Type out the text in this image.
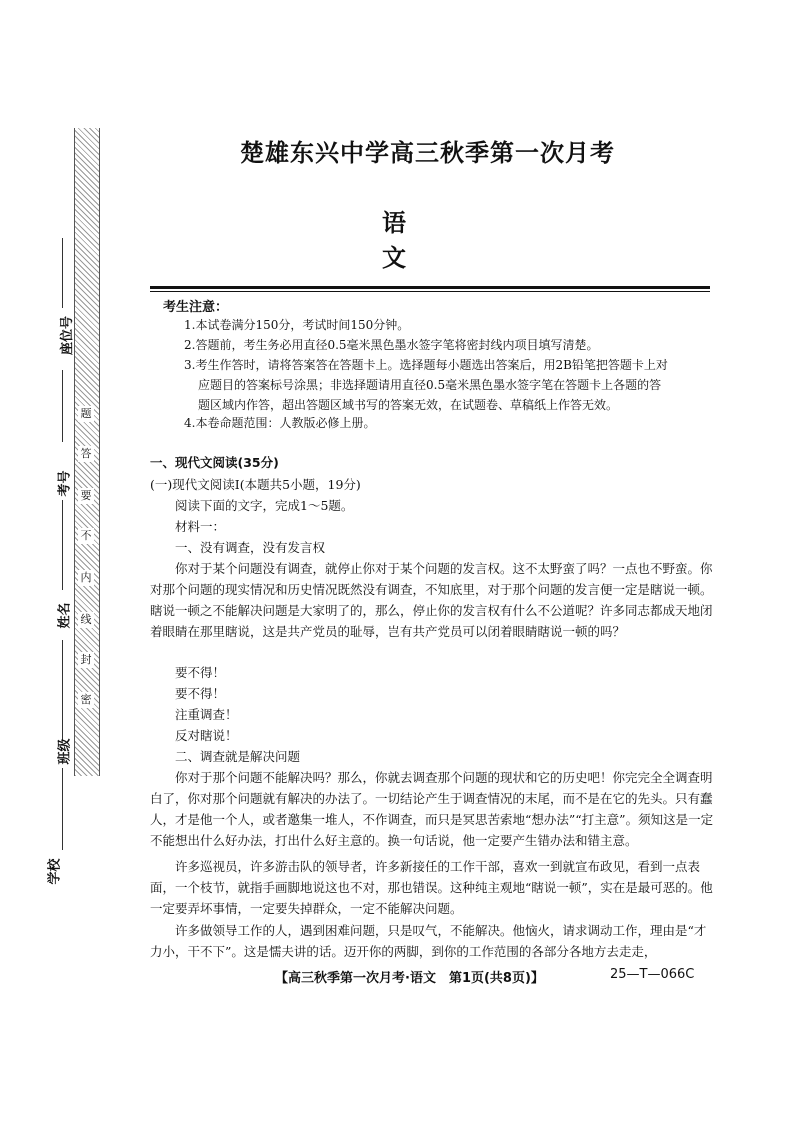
题
答
要
不
内
线
封
密
座位号
考号
姓名
班级
学校
楚雄东兴中学高三秋季第一次月考
语文
考生注意：
1.本试卷满分150分，考试时间150分钟。
2.答题前，考生务必用直径0.5毫米黑色墨水签字笔将密封线内项目填写清楚。
3.考生作答时，请将答案答在答题卡上。选择题每小题选出答案后，用2B铅笔把答题卡上对
应题目的答案标号涂黑；非选择题请用直径0.5毫米黑色墨水签字笔在答题卡上各题的答
题区域内作答，超出答题区域书写的答案无效，在试题卷、草稿纸上作答无效。
4.本卷命题范围：人教版必修上册。
一、现代文阅读(35分)
(一)现代文阅读Ⅰ(本题共5小题，19分)
阅读下面的文字，完成1～5题。
材料一：
一、没有调查，没有发言权
你对于某个问题没有调查，就停止你对于某个问题的发言权。这不太野蛮了吗？一点也不野蛮。你对那个问题的现实情况和历史情况既然没有调查，不知底里，对于那个问题的发言便一定是瞎说一顿。瞎说一顿之不能解决问题是大家明了的，那么，停止你的发言权有什么不公道呢？许多同志都成天地闭着眼睛在那里瞎说，这是共产党员的耻辱，岂有共产党员可以闭着眼睛瞎说一顿的吗？
要不得！
要不得！
注重调查！
反对瞎说！
二、调查就是解决问题
你对于那个问题不能解决吗？那么，你就去调查那个问题的现状和它的历史吧！你完完全全调查明白了，你对那个问题就有解决的办法了。一切结论产生于调查情况的末尾，而不是在它的先头。只有蠢人，才是他一个人，或者邀集一堆人，不作调查，而只是冥思苦索地“想办法”“打主意”。须知这是一定不能想出什么好办法，打出什么好主意的。换一句话说，他一定要产生错办法和错主意。
许多巡视员，许多游击队的领导者，许多新接任的工作干部，喜欢一到就宣布政见，看到一点表面，一个枝节，就指手画脚地说这也不对，那也错误。这种纯主观地“瞎说一顿”，实在是最可恶的。他一定要弄坏事情，一定要失掉群众，一定不能解决问题。
许多做领导工作的人，遇到困难问题，只是叹气，不能解决。他恼火，请求调动工作，理由是“才力小，干不下”。这是懦夫讲的话。迈开你的两脚，到你的工作范围的各部分各地方去走走，
【高三秋季第一次月考·语文　第1页(共8页)】	25—T—066C
